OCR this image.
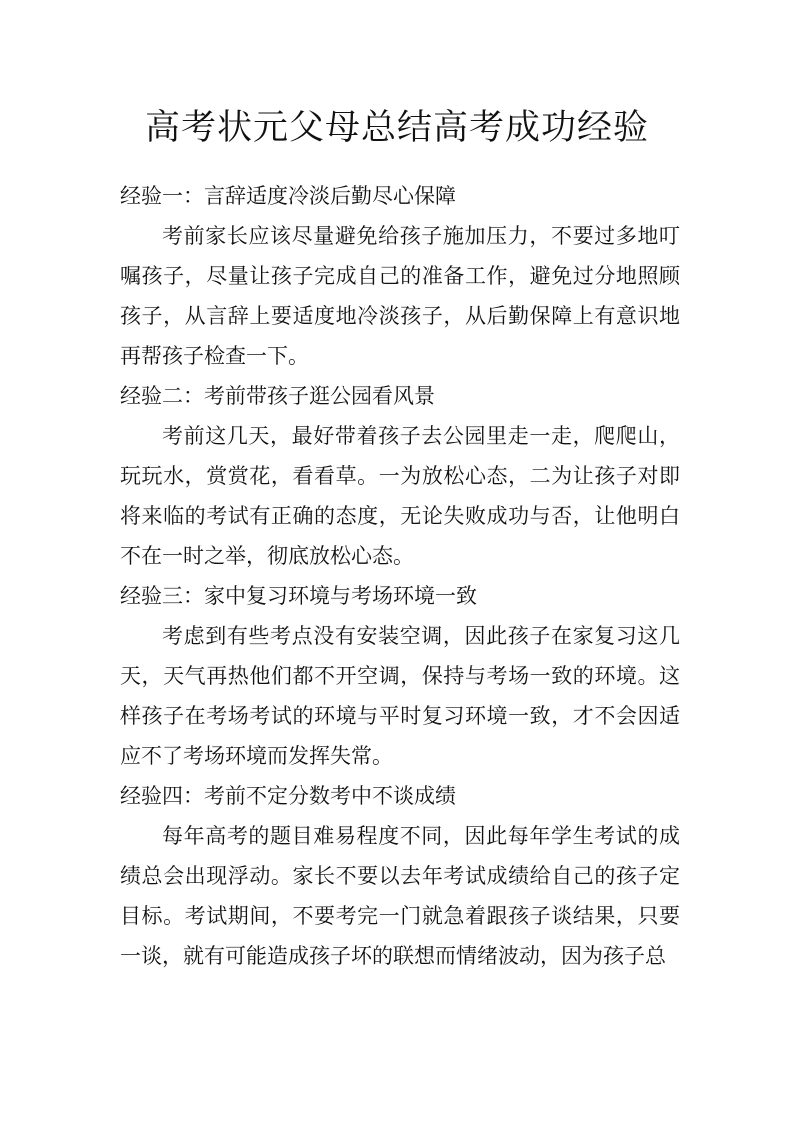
高考状元父母总结高考成功经验

经验一：言辞适度冷淡后勤尽心保障

考前家长应该尽量避免给孩子施加压力，不要过多地叮嘱孩子，尽量让孩子完成自己的准备工作，避免过分地照顾孩子，从言辞上要适度地冷淡孩子，从后勤保障上有意识地再帮孩子检查一下。

经验二：考前带孩子逛公园看风景

考前这几天，最好带着孩子去公园里走一走，爬爬山，玩玩水，赏赏花，看看草。一为放松心态，二为让孩子对即将来临的考试有正确的态度，无论失败成功与否，让他明白不在一时之举，彻底放松心态。

经验三：家中复习环境与考场环境一致

考虑到有些考点没有安装空调，因此孩子在家复习这几天，天气再热他们都不开空调，保持与考场一致的环境。这样孩子在考场考试的环境与平时复习环境一致，才不会因适应不了考场环境而发挥失常。

经验四：考前不定分数考中不谈成绩

每年高考的题目难易程度不同，因此每年学生考试的成绩总会出现浮动。家长不要以去年考试成绩给自己的孩子定目标。考试期间，不要考完一门就急着跟孩子谈结果，只要一谈，就有可能造成孩子坏的联想而情绪波动，因为孩子总
